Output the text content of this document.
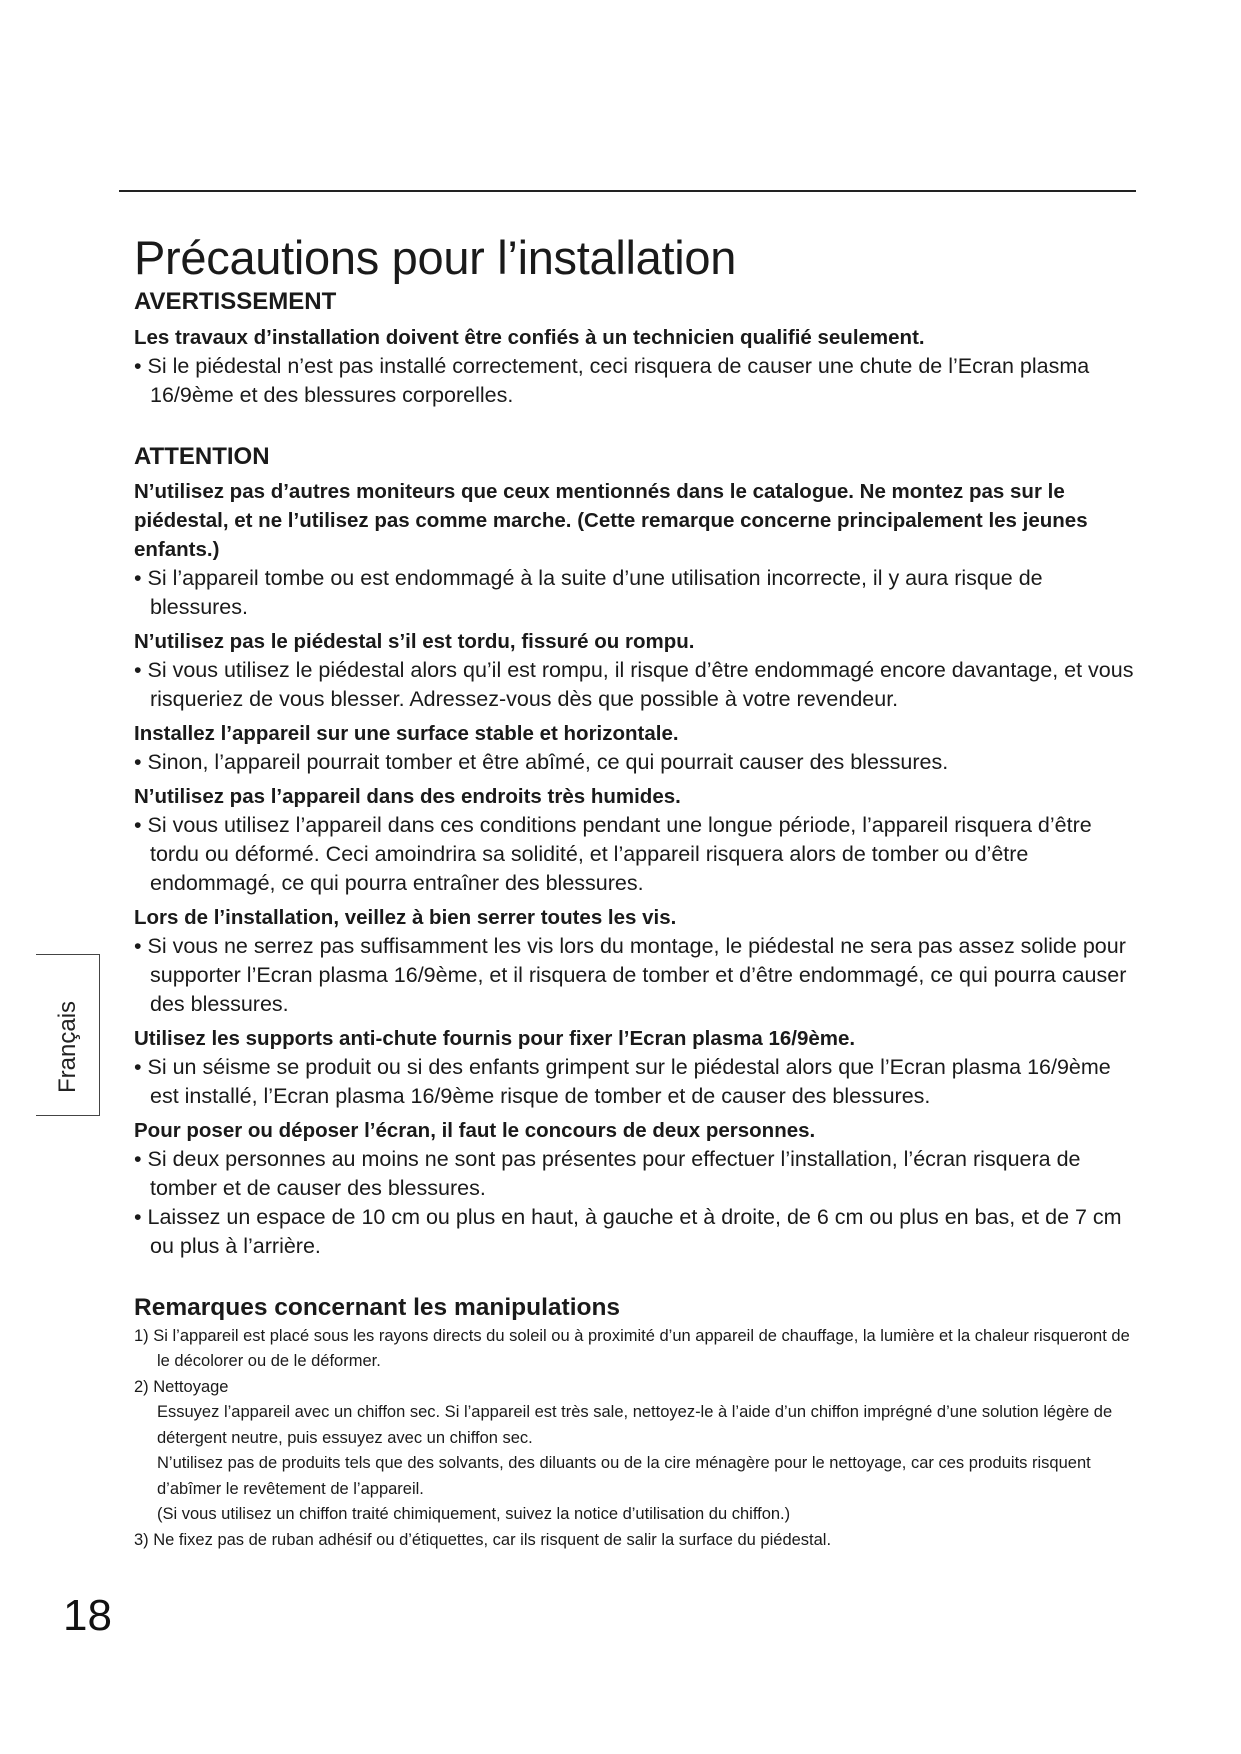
Précautions pour l’installation
AVERTISSEMENT

Les travaux d’installation doivent être confiés à un technicien qualifié seulement.

• Si le piédestal n’est pas installé correctement, ceci risquera de causer une chute de l’Ecran plasma 16/9ème et des blessures corporelles.

ATTENTION

N’utilisez pas d’autres moniteurs que ceux mentionnés dans le catalogue. Ne montez pas sur le piédestal, et ne l’utilisez pas comme marche. (Cette remarque concerne principalement les jeunes enfants.)

• Si l’appareil tombe ou est endommagé à la suite d’une utilisation incorrecte, il y aura risque de blessures.

N’utilisez pas le piédestal s’il est tordu, fissuré ou rompu.

• Si vous utilisez le piédestal alors qu’il est rompu, il risque d’être endommagé encore davantage, et vous risqueriez de vous blesser. Adressez-vous dès que possible à votre revendeur.

Installez l’appareil sur une surface stable et horizontale.

• Sinon, l’appareil pourrait tomber et être abîmé, ce qui pourrait causer des blessures.

N’utilisez pas l’appareil dans des endroits très humides.

• Si vous utilisez l’appareil dans ces conditions pendant une longue période, l’appareil risquera d’être tordu ou déformé. Ceci amoindrira sa solidité, et l’appareil risquera alors de tomber ou d’être endommagé, ce qui pourra entraîner des blessures.

Lors de l’installation, veillez à bien serrer toutes les vis.

• Si vous ne serrez pas suffisamment les vis lors du montage, le piédestal ne sera pas assez solide pour supporter l’Ecran plasma 16/9ème, et il risquera de tomber et d’être endommagé, ce qui pourra causer des blessures.

Utilisez les supports anti-chute fournis pour fixer l’Ecran plasma 16/9ème.

• Si un séisme se produit ou si des enfants grimpent sur le piédestal alors que l’Ecran plasma 16/9ème est installé, l’Ecran plasma 16/9ème risque de tomber et de causer des blessures.

Pour poser ou déposer l’écran, il faut le concours de deux personnes.

• Si deux personnes au moins ne sont pas présentes pour effectuer l’installation, l’écran risquera de tomber et de causer des blessures.

• Laissez un espace de 10 cm ou plus en haut, à gauche et à droite, de 6 cm ou plus en bas, et de 7 cm ou plus à l’arrière.

Remarques concernant les manipulations

1) Si l’appareil est placé sous les rayons directs du soleil ou à proximité d’un appareil de chauffage, la lumière et la chaleur risqueront de le décolorer ou de le déformer.

2) Nettoyage

Essuyez l’appareil avec un chiffon sec. Si l’appareil est très sale, nettoyez-le à l’aide d’un chiffon imprégné d’une solution légère de détergent neutre, puis essuyez avec un chiffon sec.

N’utilisez pas de produits tels que des solvants, des diluants ou de la cire ménagère pour le nettoyage, car ces produits risquent d’abîmer le revêtement de l’appareil.

(Si vous utilisez un chiffon traité chimiquement, suivez la notice d’utilisation du chiffon.)

3) Ne fixez pas de ruban adhésif ou d’étiquettes, car ils risquent de salir la surface du piédestal.

Français
18
